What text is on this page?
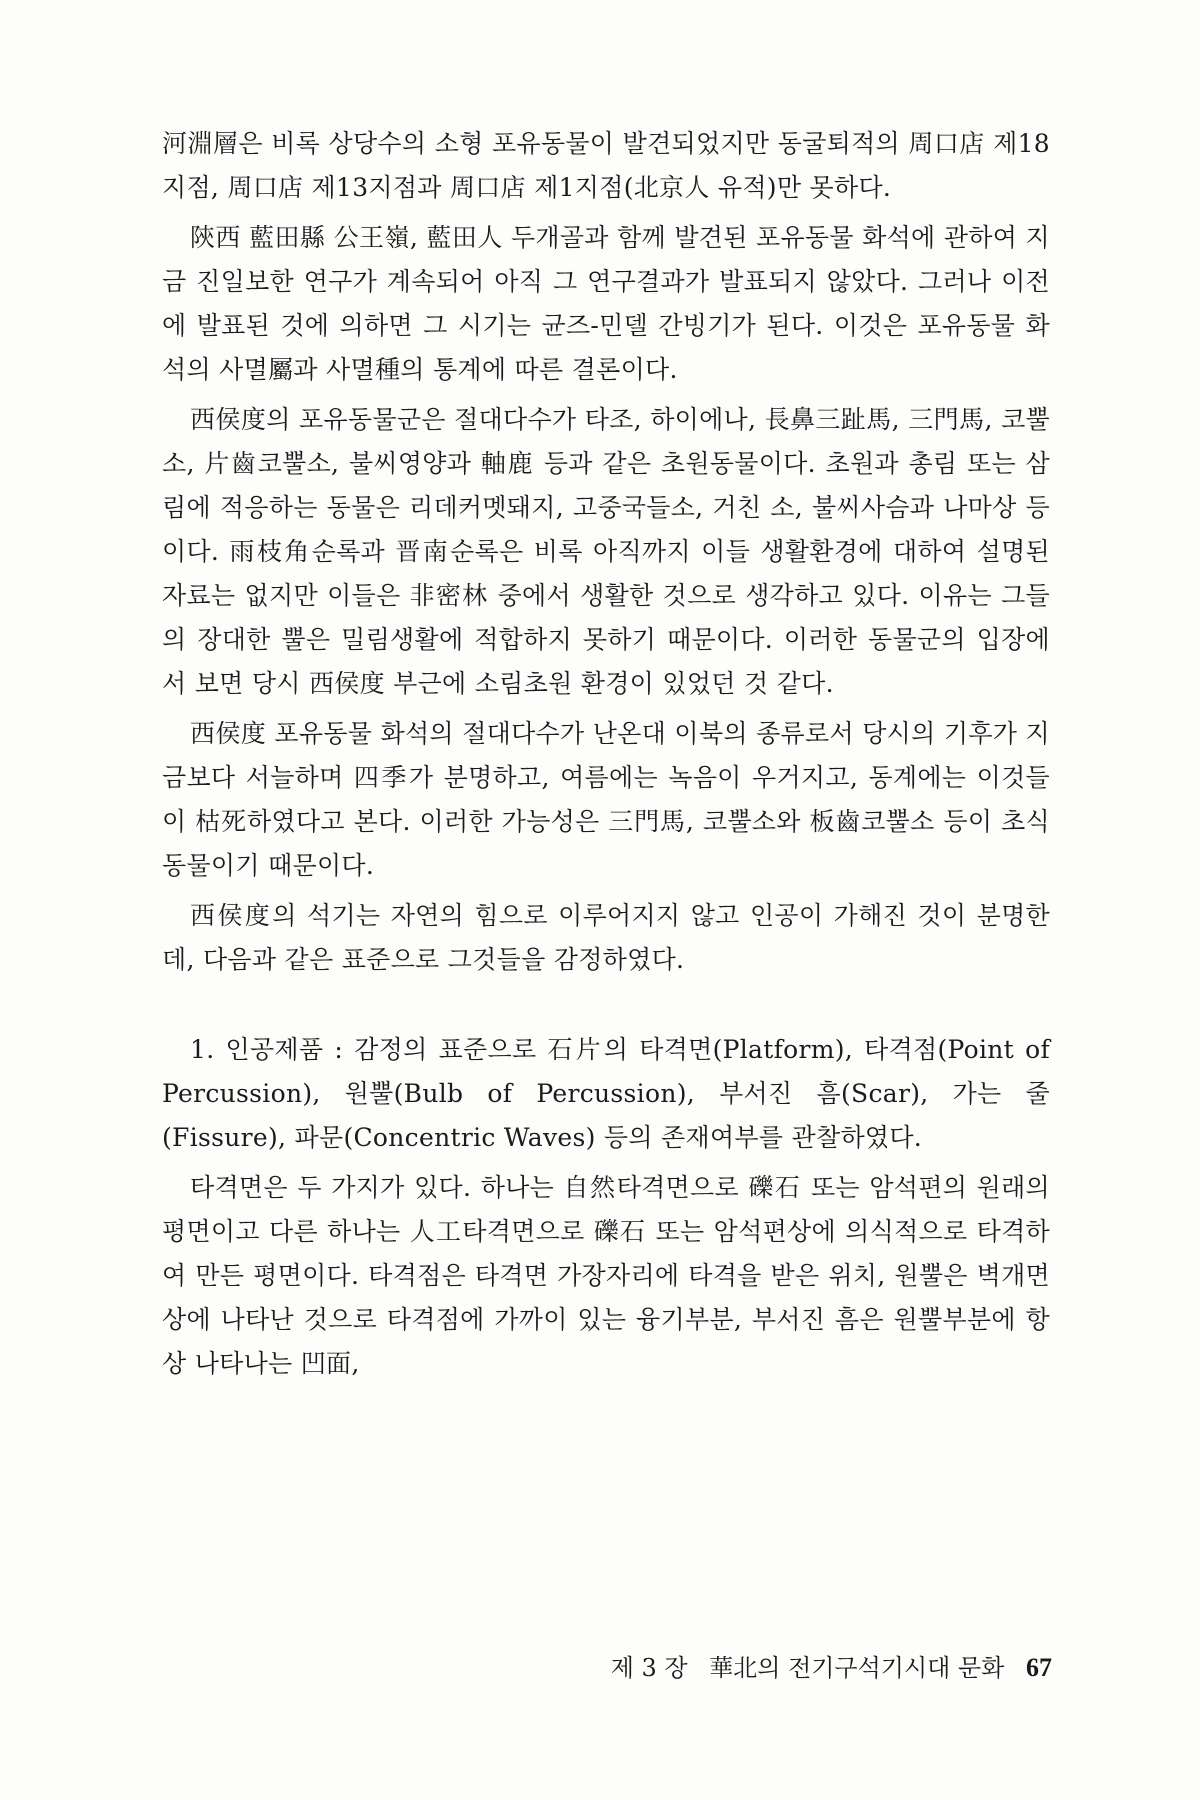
河淵層은 비록 상당수의 소형 포유동물이 발견되었지만 동굴퇴적의 周口店 제18지점, 周口店 제13지점과 周口店 제1지점(北京人 유적)만 못하다.

陝西 藍田縣 公王嶺, 藍田人 두개골과 함께 발견된 포유동물 화석에 관하여 지금 진일보한 연구가 계속되어 아직 그 연구결과가 발표되지 않았다. 그러나 이전에 발표된 것에 의하면 그 시기는 균즈-민델 간빙기가 된다. 이것은 포유동물 화석의 사멸屬과 사멸種의 통계에 따른 결론이다.

西侯度의 포유동물군은 절대다수가 타조, 하이에나, 長鼻三趾馬, 三門馬, 코뿔소, 片齒코뿔소, 불씨영양과 軸鹿 등과 같은 초원동물이다. 초원과 총림 또는 삼림에 적응하는 동물은 리데커멧돼지, 고중국들소, 거친 소, 불씨사슴과 나마상 등이다. 雨枝角순록과 晋南순록은 비록 아직까지 이들 생활환경에 대하여 설명된 자료는 없지만 이들은 非密林 중에서 생활한 것으로 생각하고 있다. 이유는 그들의 장대한 뿔은 밀림생활에 적합하지 못하기 때문이다. 이러한 동물군의 입장에서 보면 당시 西侯度 부근에 소림초원 환경이 있었던 것 같다.

西侯度 포유동물 화석의 절대다수가 난온대 이북의 종류로서 당시의 기후가 지금보다 서늘하며 四季가 분명하고, 여름에는 녹음이 우거지고, 동계에는 이것들이 枯死하였다고 본다. 이러한 가능성은 三門馬, 코뿔소와 板齒코뿔소 등이 초식동물이기 때문이다.

西侯度의 석기는 자연의 힘으로 이루어지지 않고 인공이 가해진 것이 분명한데, 다음과 같은 표준으로 그것들을 감정하였다.

1. 인공제품 : 감정의 표준으로 石片의 타격면(Platform), 타격점(Point of Percussion), 원뿔(Bulb of Percussion), 부서진 흠(Scar), 가는 줄(Fissure), 파문(Concentric Waves) 등의 존재여부를 관찰하였다.

타격면은 두 가지가 있다. 하나는 自然타격면으로 礫石 또는 암석편의 원래의 평면이고 다른 하나는 人工타격면으로 礫石 또는 암석편상에 의식적으로 타격하여 만든 평면이다. 타격점은 타격면 가장자리에 타격을 받은 위치, 원뿔은 벽개면 상에 나타난 것으로 타격점에 가까이 있는 융기부분, 부서진 흠은 원뿔부분에 항상 나타나는 凹面,

제 3 장 華北의 전기구석기시대 문화 67
